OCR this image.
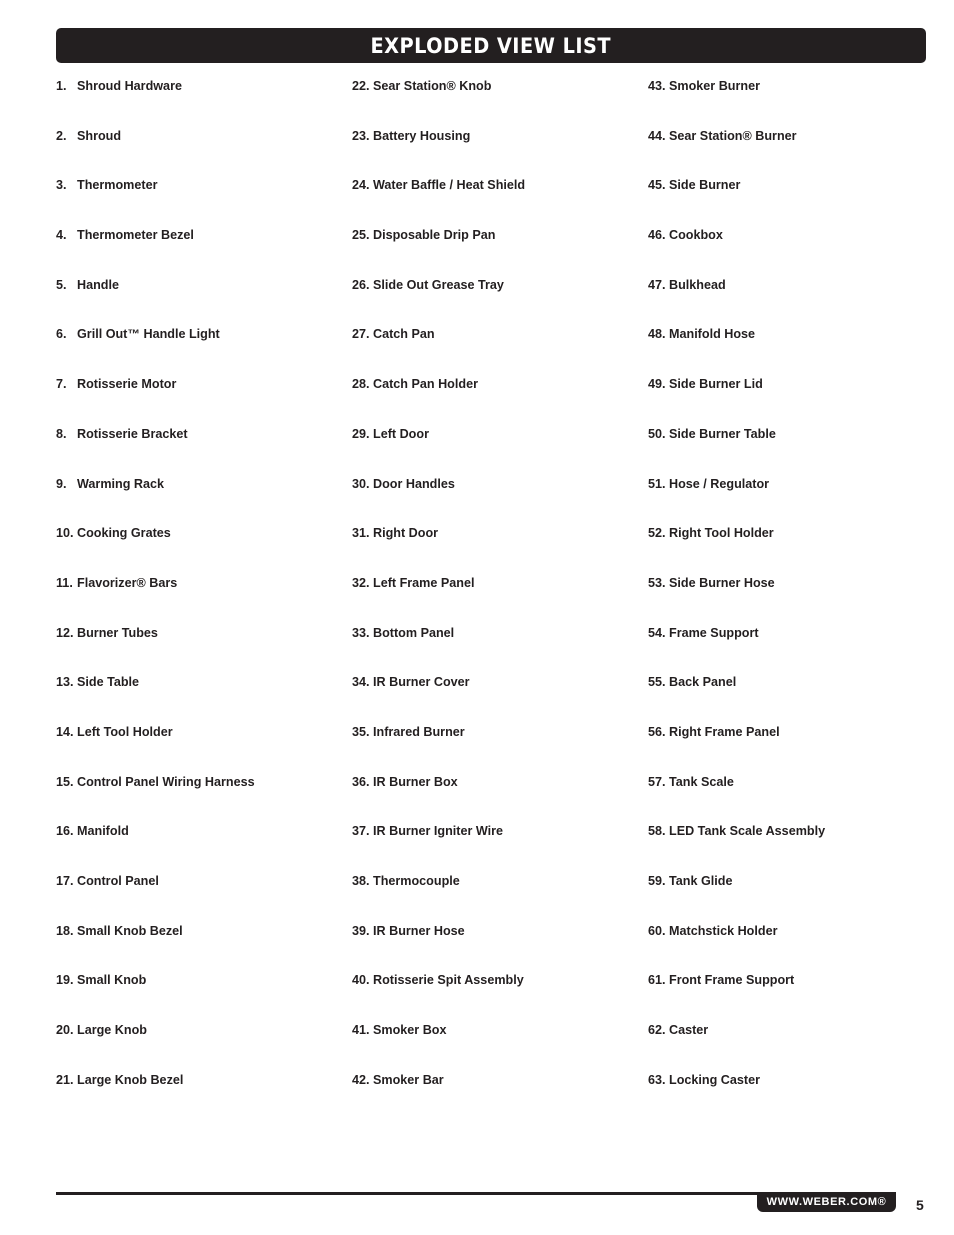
EXPLODED VIEW LIST
1. Shroud Hardware
2. Shroud
3. Thermometer
4. Thermometer Bezel
5. Handle
6. Grill Out™ Handle Light
7. Rotisserie Motor
8. Rotisserie Bracket
9. Warming Rack
10. Cooking Grates
11. Flavorizer® Bars
12. Burner Tubes
13. Side Table
14. Left Tool Holder
15. Control Panel Wiring Harness
16. Manifold
17. Control Panel
18. Small Knob Bezel
19. Small Knob
20. Large Knob
21. Large Knob Bezel
22. Sear Station® Knob
23. Battery Housing
24. Water Baffle / Heat Shield
25. Disposable Drip Pan
26. Slide Out Grease Tray
27. Catch Pan
28. Catch Pan Holder
29. Left Door
30. Door Handles
31. Right Door
32. Left Frame Panel
33. Bottom Panel
34. IR Burner Cover
35. Infrared Burner
36. IR Burner Box
37. IR Burner Igniter Wire
38. Thermocouple
39. IR Burner Hose
40. Rotisserie Spit Assembly
41. Smoker Box
42. Smoker Bar
43. Smoker Burner
44. Sear Station® Burner
45. Side Burner
46. Cookbox
47. Bulkhead
48. Manifold Hose
49. Side Burner Lid
50. Side Burner Table
51. Hose / Regulator
52. Right Tool Holder
53. Side Burner Hose
54. Frame Support
55. Back Panel
56. Right Frame Panel
57. Tank Scale
58. LED Tank Scale Assembly
59. Tank Glide
60. Matchstick Holder
61. Front Frame Support
62. Caster
63. Locking Caster
WWW.WEBER.COM® 5
